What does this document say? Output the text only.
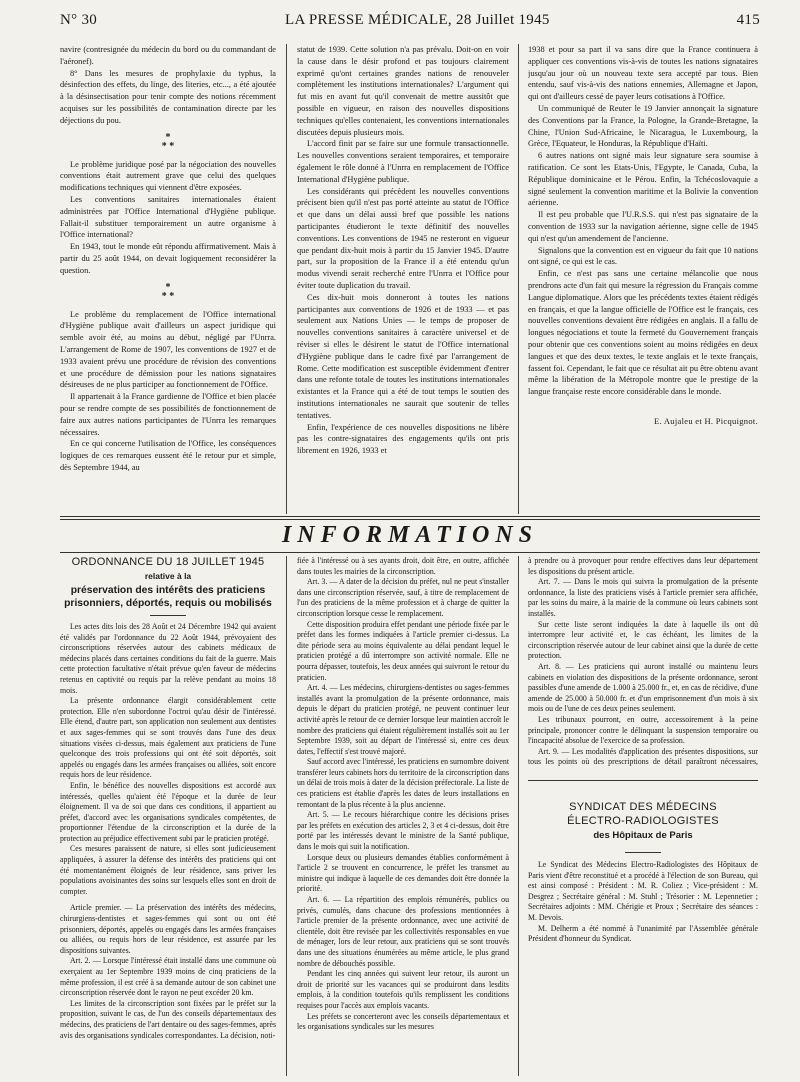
N° 30	LA PRESSE MÉDICALE, 28 Juillet 1945	415

navire (contresignée du médecin du bord ou du commandant de l'aéronef).

8° Dans les mesures de prophylaxie du typhus, la désinfection des effets, du linge, des literies, etc..., a été ajoutée à la désinsectisation pour tenir compte des notions récemment acquises sur les possibilités de contamination directe par les déjections du pou.

*
* *

Le problème juridique posé par la négociation des nouvelles conventions était autrement grave que celui des quelques modifications techniques qui viennent d'être exposées.

Les conventions sanitaires internationales étaient administrées par l'Office International d'Hygiène publique. Fallait-il substituer temporairement un autre organisme à l'Office international?

En 1943, tout le monde eût répondu affirmativement. Mais à partir du 25 août 1944, on devait logiquement reconsidérer la question.

*
* *

Le problème du remplacement de l'Office international d'Hygiène publique avait d'ailleurs un aspect juridique qui semble avoir été, au moins au début, négligé par l'Unrra. L'arrangement de Rome de 1907, les conventions de 1927 et de 1933 avaient prévu une procédure de révision des conventions et une procédure de démission pour les nations signataires désireuses de ne plus participer au fonctionnement de l'Office.

Il appartenait à la France gardienne de l'Office et bien placée pour se rendre compte de ses possibilités de fonctionnement de faire aux autres nations participantes de l'Unrra les remarques nécessaires.

En ce qui concerne l'utilisation de l'Office, les conséquences logiques de ces remarques eussent été le retour pur et simple, dès Septembre 1944, au

statut de 1939. Cette solution n'a pas prévalu. Doit-on en voir la cause dans le désir profond et pas toujours clairement exprimé qu'ont certaines grandes nations de renouveler complètement les institutions internationales? L'argument qui fut mis en avant fut qu'il convenait de mettre aussitôt que possible en vigueur, en raison des nouvelles dispositions techniques qu'elles contenaient, les conventions internationales discutées depuis plusieurs mois.

L'accord finit par se faire sur une formule transactionnelle. Les nouvelles conventions seraient temporaires, et temporaire également le rôle donné à l'Unrra en remplacement de l'Office International d'Hygiène publique.

Les considérants qui précèdent les nouvelles conventions précisent bien qu'il n'est pas porté atteinte au statut de l'Office et que dans un délai aussi bref que possible les nations participantes étudieront le texte définitif des nouvelles conventions. Les conventions de 1945 ne resteront en vigueur que pendant dix-huit mois à partir du 15 Janvier 1945. D'autre part, sur la proposition de la France il a été entendu qu'un modus vivendi serait recherché entre l'Unrra et l'Office pour éviter toute duplication du travail.

Ces dix-huit mois donneront à toutes les nations participantes aux conventions de 1926 et de 1933 — et pas seulement aux Nations Unies — le temps de proposer de nouvelles conventions sanitaires à caractère universel et de réviser si elles le désirent le statut de l'Office international d'Hygiène publique dans le cadre fixé par l'arrangement de Rome. Cette modification est susceptible évidemment d'entrer dans une refonte totale de toutes les institutions internationales existantes et la France qui a été de tout temps le soutien des institutions internationales ne saurait que soutenir de telles tentatives.

Enfin, l'expérience de ces nouvelles dispositions ne libère pas les contre-signataires des engagements qu'ils ont pris librement en 1926, 1933 et

1938 et pour sa part il va sans dire que la France continuera à appliquer ces conventions vis-à-vis de toutes les nations signataires jusqu'au jour où un nouveau texte sera accepté par tous. Bien entendu, sauf vis-à-vis des nations ennemies, Allemagne et Japon, qui ont d'ailleurs cessé de payer leurs cotisations à l'Office.

Un communiqué de Reuter le 19 Janvier annonçait la signature des Conventions par la France, la Pologne, la Grande-Bretagne, la Chine, l'Union Sud-Africaine, le Nicaragua, le Luxembourg, la Grèce, l'Equateur, le Honduras, la République d'Haïti.

6 autres nations ont signé mais leur signature sera soumise à ratification. Ce sont les Etats-Unis, l'Egypte, le Canada, Cuba, la République dominicaine et le Pérou. Enfin, la Tchécoslovaquie a signé seulement la convention maritime et la Bolivie la convention aérienne.

Il est peu probable que l'U.R.S.S. qui n'est pas signataire de la convention de 1933 sur la navigation aérienne, signe celle de 1945 qui n'est qu'un amendement de l'ancienne.

Signalons que la convention est en vigueur du fait que 10 nations ont signé, ce qui est le cas.

Enfin, ce n'est pas sans une certaine mélancolie que nous prendrons acte d'un fait qui mesure la régression du Français comme Langue diplomatique. Alors que les précédents textes étaient rédigés en français, et que la langue officielle de l'Office est le français, ces nouvelles conventions devaient être rédigées en anglais. Il a fallu de longues négociations et toute la fermeté du Gouvernement français pour obtenir que ces conventions soient au moins rédigées en deux langues et que des deux textes, le texte anglais et le texte français, fassent foi. Cependant, le fait que ce résultat ait pu être obtenu avant même la libération de la Métropole montre que le prestige de la langue française reste encore considérable dans le monde.

E. Aujaleu et H. Picquignot.
INFORMATIONS
ORDONNANCE DU 18 JUILLET 1945
relative à la
préservation des intérêts des praticiens prisonniers, déportés, requis ou mobilisés

Les actes dits lois des 28 Août et 24 Décembre 1942 qui avaient été validés par l'ordonnance du 22 Août 1944, prévoyaient des circonscriptions réservées autour des cabinets médicaux de médecins placés dans certaines conditions du fait de la guerre. Mais cette protection facultative n'était prévue qu'en faveur de médecins retenus en captivité ou requis par la relève pendant au moins 18 mois.

La présente ordonnance élargit considérablement cette protection. Elle n'en subordonne l'octroi qu'au désir de l'intéressé. Elle étend, d'autre part, son application non seulement aux dentistes et aux sages-femmes qui se sont trouvés dans l'une des deux situations visées ci-dessus, mais également aux praticiens de l'une quelconque des trois professions qui ont été soit déportés, soit appelés ou engagés dans les armées françaises ou alliées, soit encore requis hors de leur résidence.

Enfin, le bénéfice des nouvelles dispositions est accordé aux intéressés, quelles qu'aient été l'époque et la durée de leur éloignement. Il va de soi que dans ces conditions, il appartient au préfet, d'accord avec les organisations syndicales compétentes, de proportionner l'étendue de la circonscription et la durée de la protection au préjudice effectivement subi par le praticien protégé.

Ces mesures paraissent de nature, si elles sont judicieusement appliquées, à assurer la défense des intérêts des praticiens qui ont été momentanément éloignés de leur résidence, sans priver les populations avoisinantes des soins sur lesquels elles sont en droit de compter.

Article premier. — La préservation des intérêts des médecins, chirurgiens-dentistes et sages-femmes qui sont ou ont été prisonniers, déportés, appelés ou engagés dans les armées françaises ou alliées, ou requis hors de leur résidence, est assurée par les dispositions suivantes.

Art. 2. — Lorsque l'intéressé était installé dans une commune où exerçaient au 1er Septembre 1939 moins de cinq praticiens de la même profession, il est créé à sa demande autour de son cabinet une circonscription réservée dont le rayon ne peut excéder 20 km.

Les limites de la circonscription sont fixées par le préfet sur la proposition, suivant le cas, de l'un des conseils départementaux des médecins, des praticiens de l'art dentaire ou des sages-femmes, après avis des organisations syndicales correspondantes. La décision, noti-

fiée à l'intéressé ou à ses ayants droit, doit être, en outre, affichée dans toutes les mairies de la circonscription.

Art. 3. — A dater de la décision du préfet, nul ne peut s'installer dans une circonscription réservée, sauf, à titre de remplacement de l'un des praticiens de la même profession et à charge de quitter la circonscription lorsque cesse le remplacement.

Cette disposition produira effet pendant une période fixée par le préfet dans les formes indiquées à l'article premier ci-dessus. La dite période sera au moins équivalente au délai pendant lequel le praticien protégé a dû interrompre son activité normale. Elle ne pourra dépasser, toutefois, les deux années qui suivront le retour du praticien.

Art. 4. — Les médecins, chirurgiens-dentistes ou sages-femmes installés avant la promulgation de la présente ordonnance, mais depuis le départ du praticien protégé, ne peuvent continuer leur activité après le retour de ce dernier lorsque leur maintien accroît le nombre des praticiens qui étaient régulièrement installés soit au 1er Septembre 1939, soit au départ de l'intéressé si, entre ces deux dates, l'effectif s'est trouvé majoré.

Sauf accord avec l'intéressé, les praticiens en surnombre doivent transférer leurs cabinets hors du territoire de la circonscription dans un délai de trois mois à dater de la décision préfectorale. La liste de ces praticiens est établie d'après les dates de leurs installations en remontant de la plus récente à la plus ancienne.

Art. 5. — Le recours hiérarchique contre les décisions prises par les préfets en exécution des articles 2, 3 et 4 ci-dessus, doit être porté par les intéressés devant le ministre de la Santé publique, dans le mois qui suit la notification.

Lorsque deux ou plusieurs demandes établies conformément à l'article 2 se trouvent en concurrence, le préfet les transmet au ministre qui indique à laquelle de ces demandes doit être donnée la priorité.

Art. 6. — La répartition des emplois rémunérés, publics ou privés, cumulés, dans chacune des professions mentionnées à l'article premier de la présente ordonnance, avec une activité de clientèle, doit être revisée par les collectivités responsables en vue de ménager, lors de leur retour, aux praticiens qui se sont trouvés dans une des situations énumérées au même article, le plus grand nombre de débouchés possible.

Pendant les cinq années qui suivent leur retour, ils auront un droit de priorité sur les vacances qui se produiront dans lesdits emplois, à la condition toutefois qu'ils remplissent les conditions requises pour l'accès aux emplois vacants.

Les préfets se concerteront avec les conseils départementaux et les organisations syndicales sur les mesures

à prendre ou à provoquer pour rendre effectives dans leur département les dispositions du présent article.

Art. 7. — Dans le mois qui suivra la promulgation de la présente ordonnance, la liste des praticiens visés à l'article premier sera affichée, par les soins du maire, à la mairie de la commune où leurs cabinets sont installés.

Sur cette liste seront indiquées la date à laquelle ils ont dû interrompre leur activité et, le cas échéant, les limites de la circonscription réservée autour de leur cabinet ainsi que la durée de cette protection.

Art. 8. — Les praticiens qui auront installé ou maintenu leurs cabinets en violation des dispositions de la présente ordonnance, seront passibles d'une amende de 1.000 à 25.000 fr., et, en cas de récidive, d'une amende de 25.000 à 50.000 fr. et d'un emprisonnement d'un mois à six mois ou de l'une de ces deux peines seulement.

Les tribunaux pourront, en outre, accessoirement à la peine principale, prononcer contre le délinquant la suspension temporaire ou l'incapacité absolue de l'exercice de sa profession.

Art. 9. — Les modalités d'application des présentes dispositions, sur tous les points où des prescriptions de détail paraîtront nécessaires,

SYNDICAT DES MÉDECINS
ÉLECTRO-RADIOLOGISTES
des Hôpitaux de Paris

Le Syndicat des Médecins Electro-Radiologistes des Hôpitaux de Paris vient d'être reconstitué et a procédé à l'élection de son Bureau, qui est ainsi composé : Président : M. R. Coliez ; Vice-président : M. Desgrez ; Secrétaire général : M. Stuhl ; Trésorier : M. Lepennetier ; Secrétaires adjoints : MM. Chérigie et Proux ; Secrétaire des séances : M. Devois.

M. Delherm a été nommé à l'unanimité par l'Assemblée générale Président d'honneur du Syndicat.
